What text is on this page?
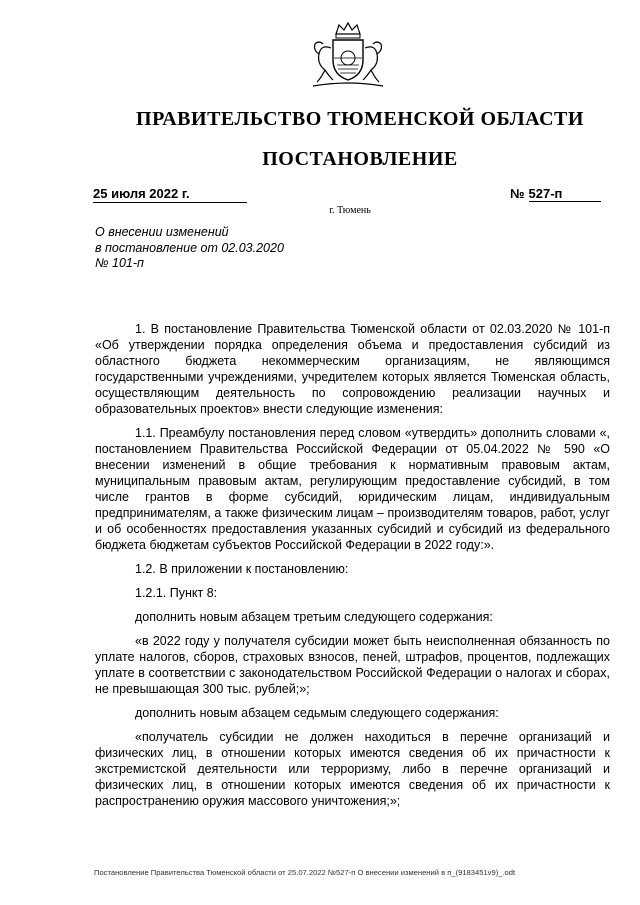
ПРАВИТЕЛЬСТВО ТЮМЕНСКОЙ ОБЛАСТИ
ПОСТАНОВЛЕНИЕ
25 июля 2022 г.	№ 527-п
г. Тюмень
О внесении изменений
в постановление от 02.03.2020
№ 101-п

1. В постановление Правительства Тюменской области от 02.03.2020 № 101-п «Об утверждении порядка определения объема и предоставления субсидий из областного бюджета некоммерческим организациям, не являющимся государственными учреждениями, учредителем которых является Тюменская область, осуществляющим деятельность по сопровождению реализации научных и образовательных проектов» внести следующие изменения:

1.1. Преамбулу постановления перед словом «утвердить» дополнить словами «, постановлением Правительства Российской Федерации от 05.04.2022 № 590 «О внесении изменений в общие требования к нормативным правовым актам, муниципальным правовым актам, регулирующим предоставление субсидий, в том числе грантов в форме субсидий, юридическим лицам, индивидуальным предпринимателям, а также физическим лицам – производителям товаров, работ, услуг и об особенностях предоставления указанных субсидий и субсидий из федерального бюджета бюджетам субъектов Российской Федерации в 2022 году:».

1.2. В приложении к постановлению:

1.2.1. Пункт 8:

дополнить новым абзацем третьим следующего содержания:

«в 2022 году у получателя субсидии может быть неисполненная обязанность по уплате налогов, сборов, страховых взносов, пеней, штрафов, процентов, подлежащих уплате в соответствии с законодательством Российской Федерации о налогах и сборах, не превышающая 300 тыс. рублей;»;

дополнить новым абзацем седьмым следующего содержания:

«получатель субсидии не должен находиться в перечне организаций и физических лиц, в отношении которых имеются сведения об их причастности к экстремистской деятельности или терроризму, либо в перечне организаций и физических лиц, в отношении которых имеются сведения об их причастности к распространению оружия массового уничтожения;»;

Постановление Правительства Тюменской области от 25.07.2022 №527-п О внесении изменений в п_(9183451v9)_.odt
